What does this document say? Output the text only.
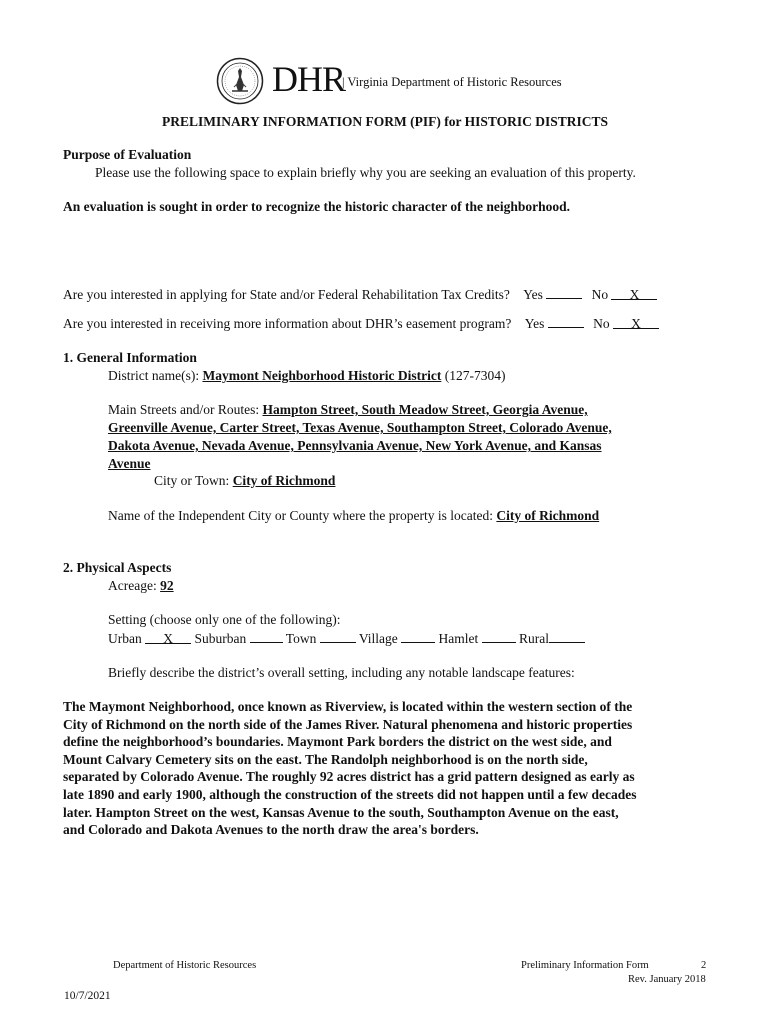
DHR
| Virginia Department of Historic Resources
PRELIMINARY INFORMATION FORM (PIF) for HISTORIC DISTRICTS
Purpose of Evaluation
Please use the following space to explain briefly why you are seeking an evaluation of this property.
An evaluation is sought in order to recognize the historic character of the neighborhood.
Are you interested in applying for State and/or Federal Rehabilitation Tax Credits? Yes	No X
Are you interested in receiving more information about DHR’s easement program? Yes	No X
1. General Information
District name(s): Maymont Neighborhood Historic District (127-7304)
Main Streets and/or Routes: Hampton Street, South Meadow Street, Georgia Avenue,
Greenville Avenue, Carter Street, Texas Avenue, Southampton Street, Colorado Avenue,
Dakota Avenue, Nevada Avenue, Pennsylvania Avenue, New York Avenue, and Kansas
Avenue
City or Town: City of Richmond
Name of the Independent City or County where the property is located: City of Richmond
2. Physical Aspects
Acreage: 92
Setting (choose only one of the following):
Urban X Suburban	Town	Village	Hamlet	Rural
Briefly describe the district’s overall setting, including any notable landscape features:
The Maymont Neighborhood, once known as Riverview, is located within the western section of the
City of Richmond on the north side of the James River. Natural phenomena and historic properties
define the neighborhood’s boundaries. Maymont Park borders the district on the west side, and
Mount Calvary Cemetery sits on the east. The Randolph neighborhood is on the north side,
separated by Colorado Avenue. The roughly 92 acres district has a grid pattern designed as early as
late 1890 and early 1900, although the construction of the streets did not happen until a few decades
later. Hampton Street on the west, Kansas Avenue to the south, Southampton Avenue on the east,
and Colorado and Dakota Avenues to the north draw the area's borders.
Department of Historic Resources	Preliminary Information Form	2
Rev. January 2018
10/7/2021
